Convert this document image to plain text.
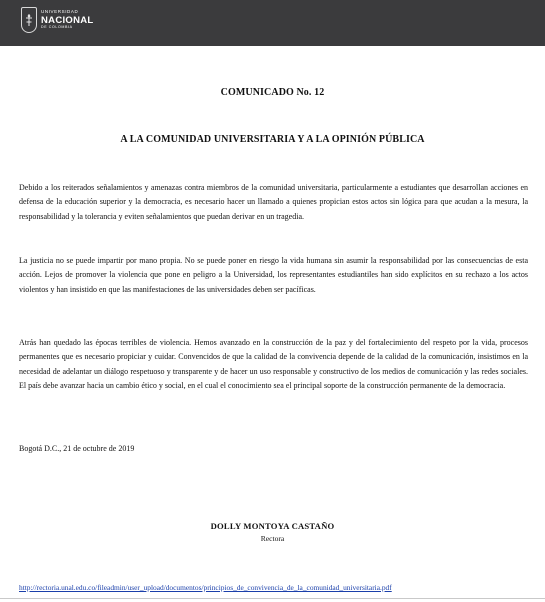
UNIVERSIDAD
NACIONAL
DE COLOMBIA
COMUNICADO No. 12
A LA COMUNIDAD UNIVERSITARIA Y A LA OPINIÓN PÚBLICA

Debido a los reiterados señalamientos y amenazas contra miembros de la comunidad universitaria, particularmente a estudiantes que desarrollan acciones en defensa de la educación superior y la democracia, es necesario hacer un llamado a quienes propician estos actos sin lógica para que acudan a la mesura, la responsabilidad y la tolerancia y eviten señalamientos que puedan derivar en un tragedia.

La justicia no se puede impartir por mano propia. No se puede poner en riesgo la vida humana sin asumir la responsabilidad por las consecuencias de esta acción. Lejos de promover la violencia que pone en peligro a la Universidad, los representantes estudiantiles han sido explícitos en su rechazo a los actos violentos y han insistido en que las manifestaciones de las universidades deben ser pacíficas.

Atrás han quedado las épocas terribles de violencia. Hemos avanzado en la construcción de la paz y del fortalecimiento del respeto por la vida, procesos permanentes que es necesario propiciar y cuidar. Convencidos de que la calidad de la convivencia depende de la calidad de la comunicación, insistimos en la necesidad de adelantar un diálogo respetuoso y transparente y de hacer un uso responsable y constructivo de los medios de comunicación y las redes sociales. El país debe avanzar hacia un cambio ético y social, en el cual el conocimiento sea el principal soporte de la construcción permanente de la democracia.

Bogotá D.C., 21 de octubre de 2019

DOLLY MONTOYA CASTAÑO
Rectora
http://rectoria.unal.edu.co/fileadmin/user_upload/documentos/principios_de_convivencia_de_la_comunidad_universitaria.pdf
